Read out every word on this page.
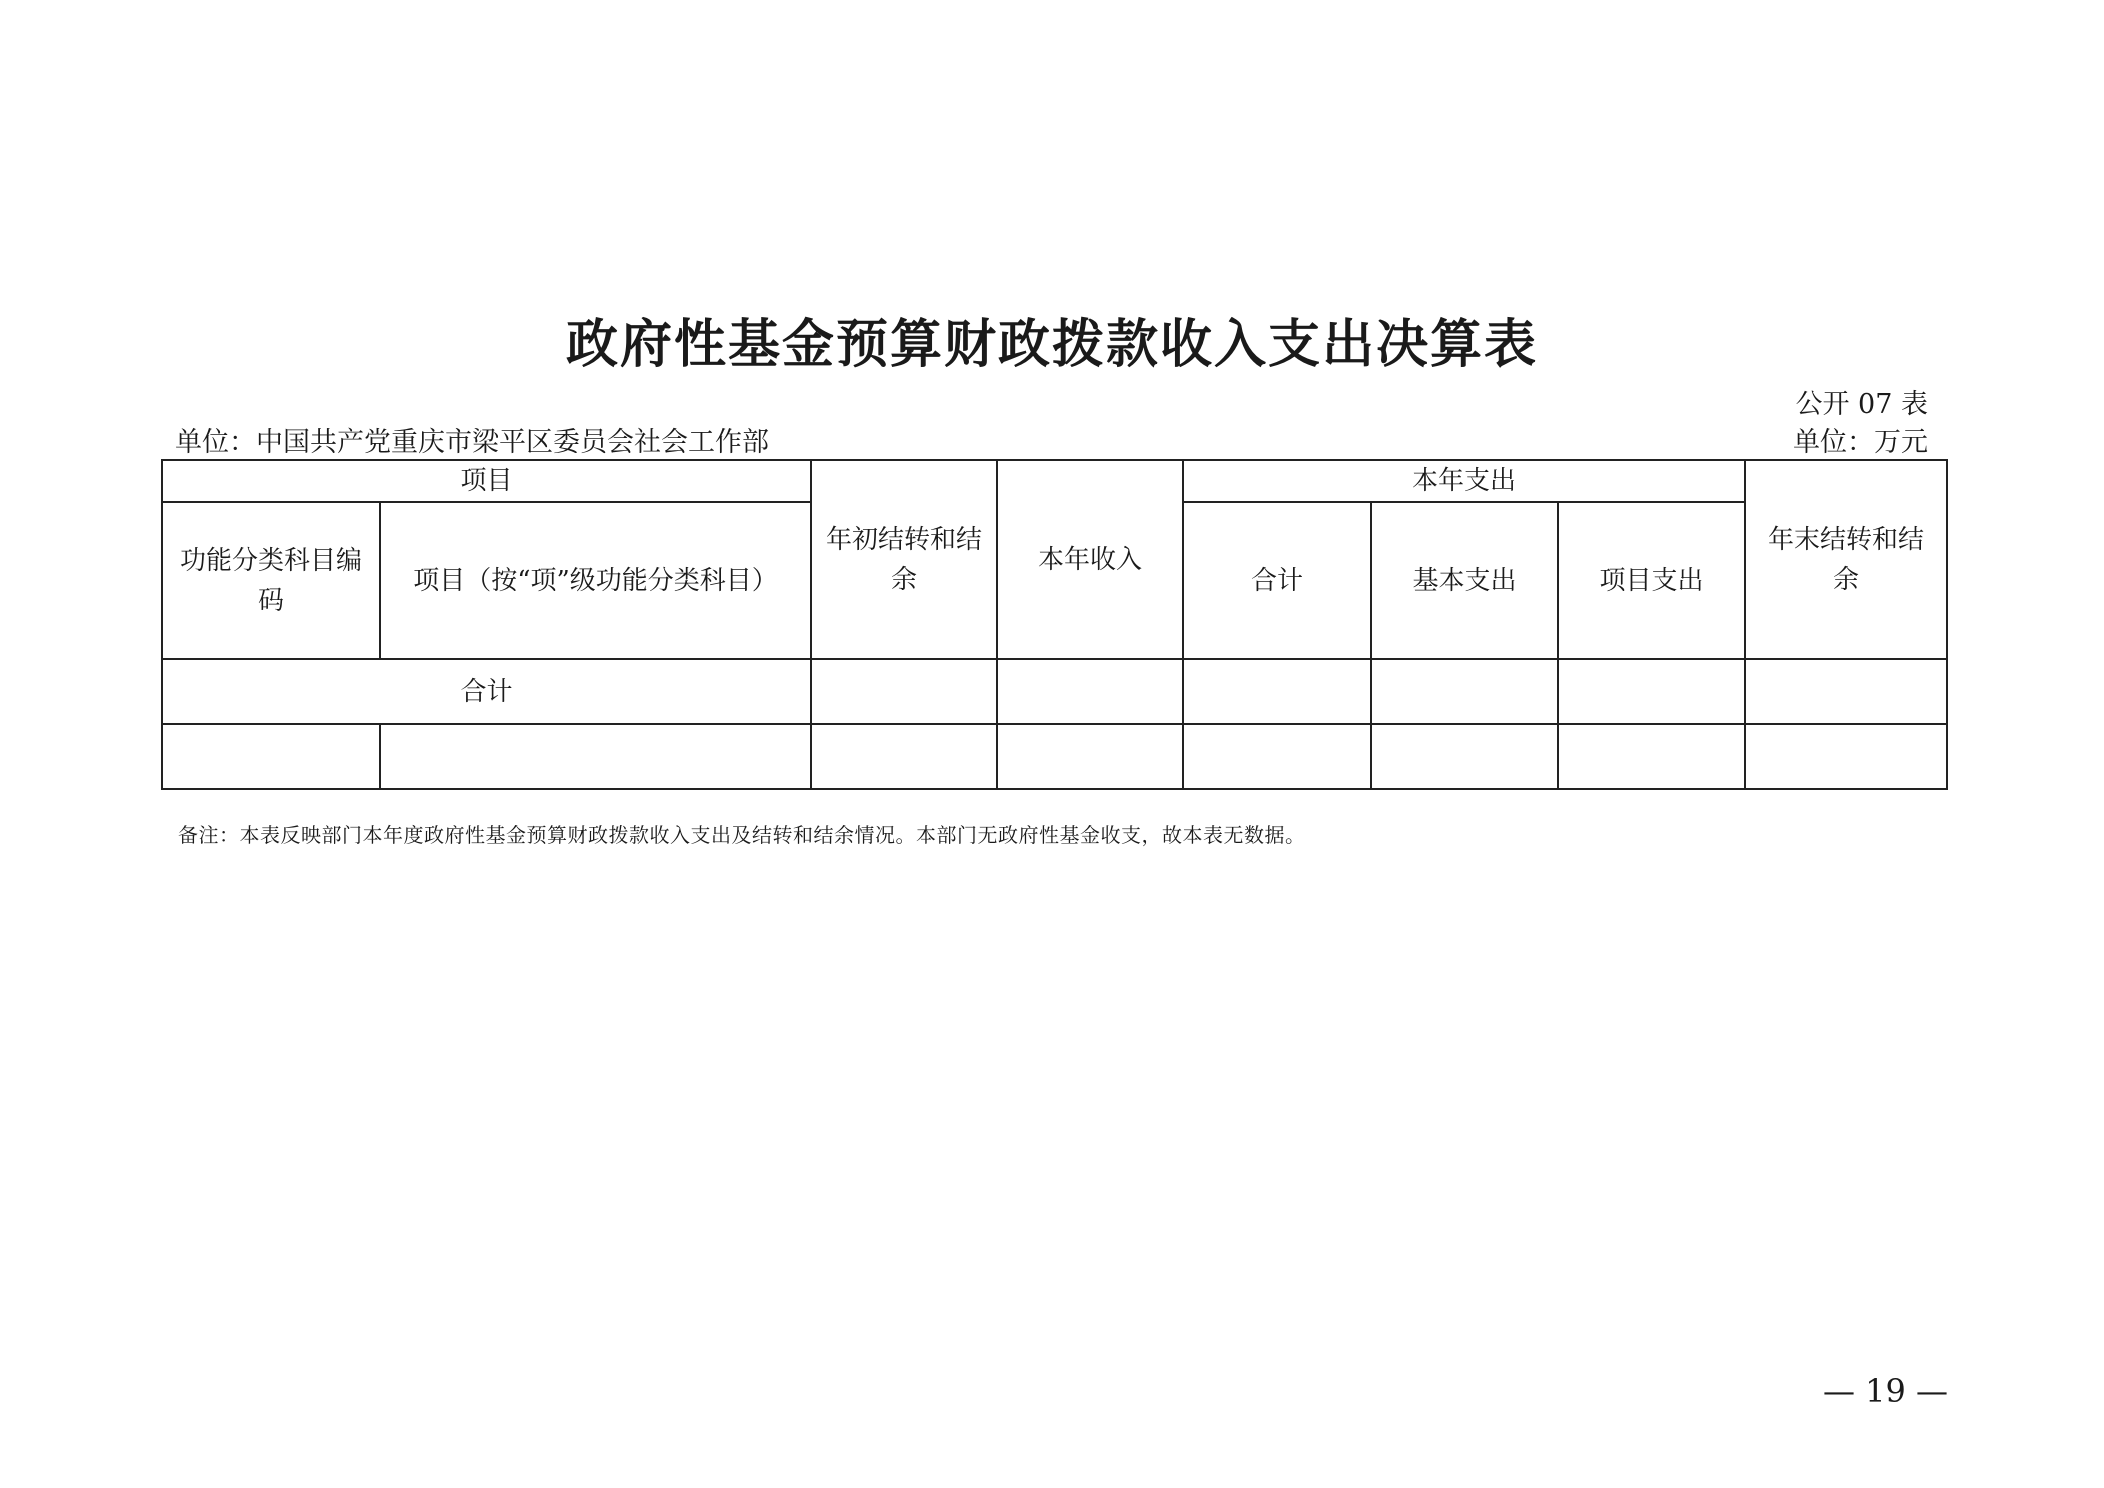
政府性基金预算财政拨款收入支出决算表
公开 07 表
单位：中国共产党重庆市梁平区委员会社会工作部	单位：万元
项目		年初结转和结余	本年收入	本年支出			年末结转和结余
功能分类科目编码	项目（按“项”级功能分类科目）			合计	基本支出	项目支出	
合计							

备注：本表反映部门本年度政府性基金预算财政拨款收入支出及结转和结余情况。本部门无政府性基金收支，故本表无数据。
— 19 —
